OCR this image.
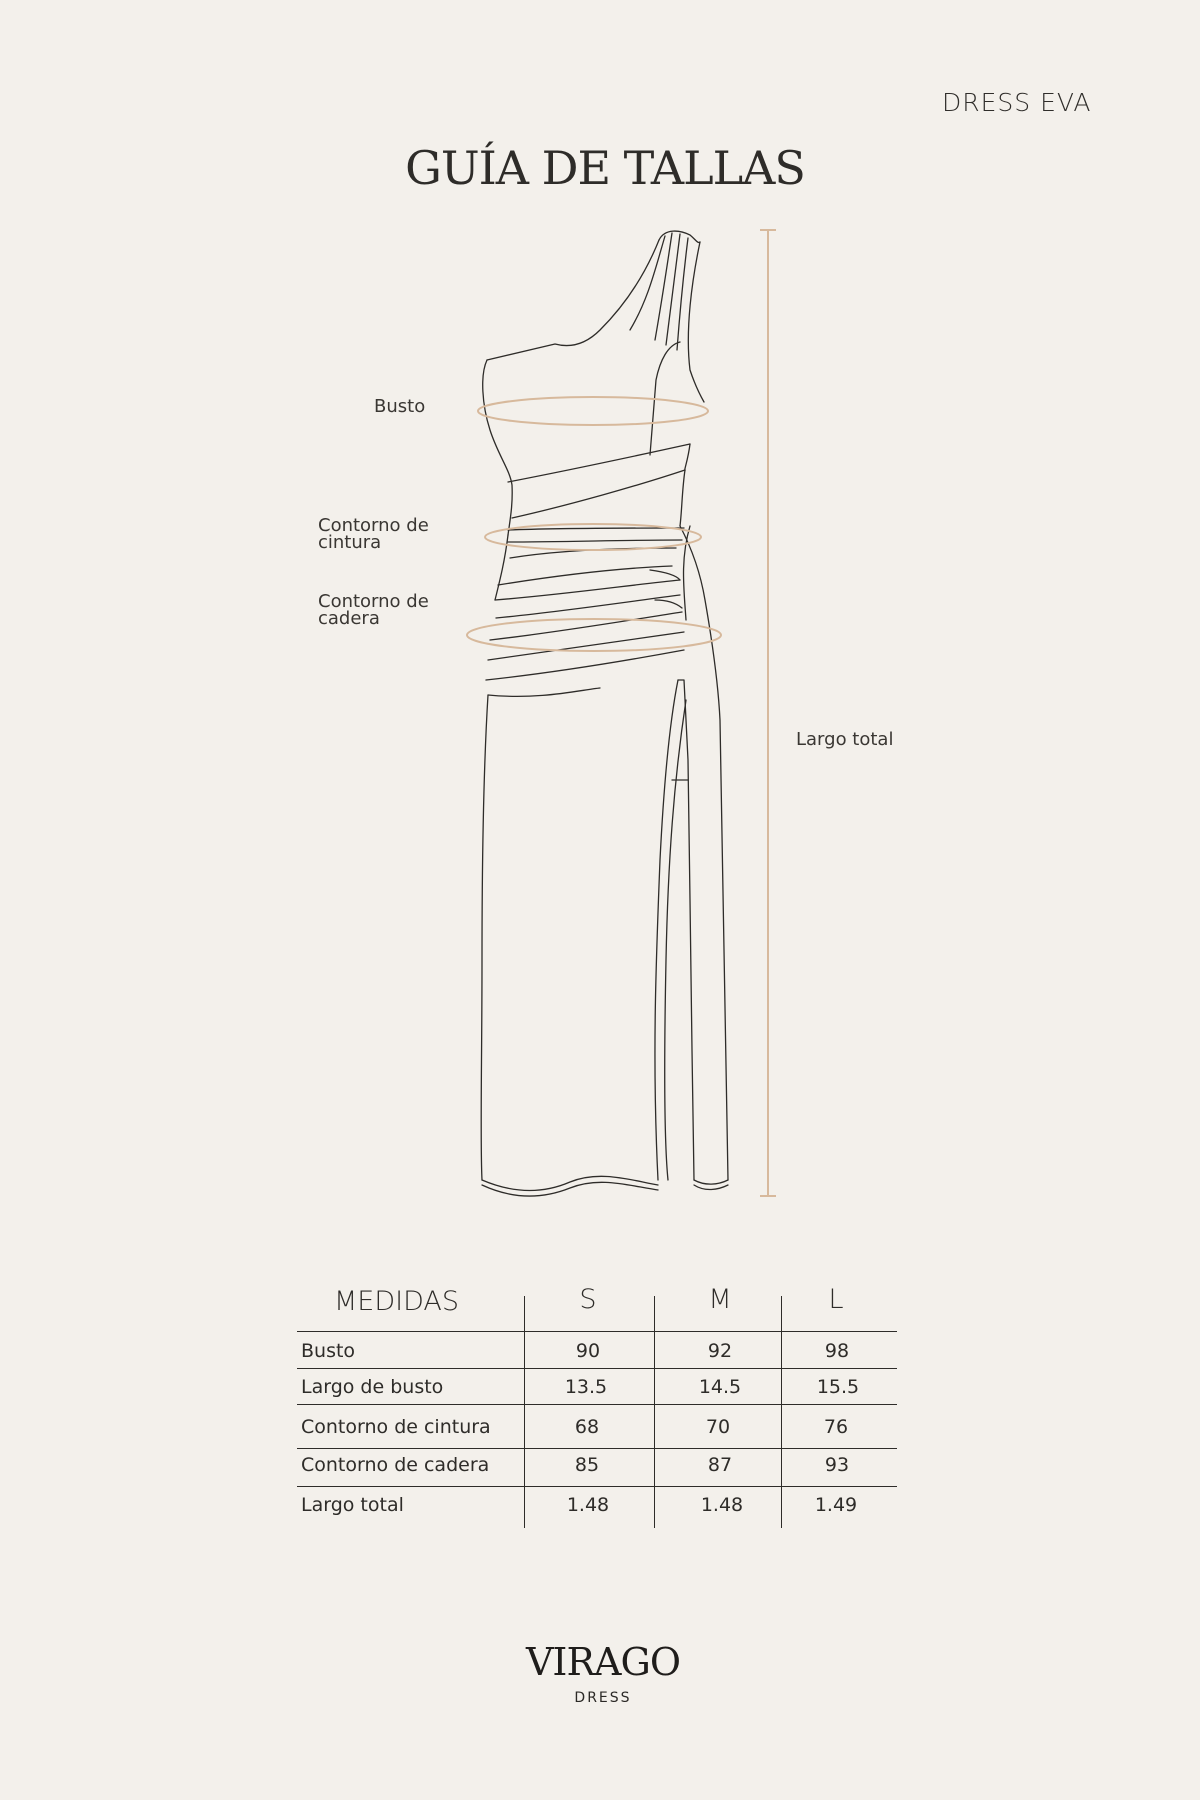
DRESS EVA
GUÍA DE TALLAS
Busto
Contorno de
cintura
Contorno de
cadera
Largo total
MEDIDAS	S	M	L
Busto	90	92	98
Largo de busto	13.5	14.5	15.5
Contorno de cintura	68	70	76
Contorno de cadera	85	87	93
Largo total	1.48	1.48	1.49
VIRAGO
DRESS
